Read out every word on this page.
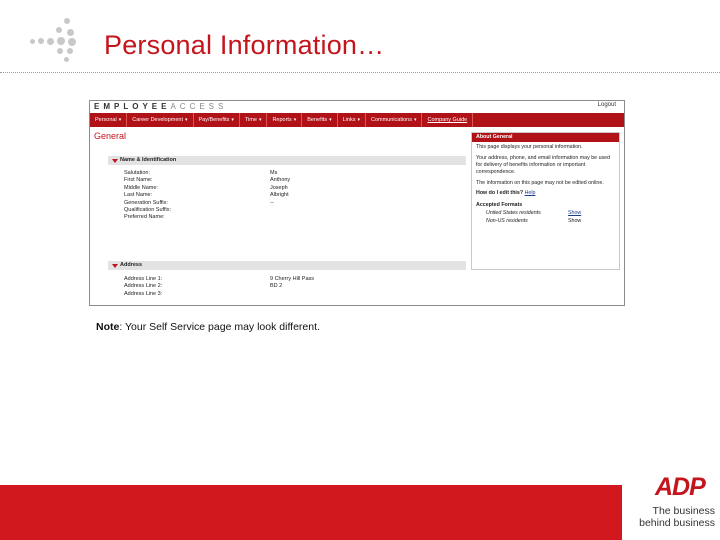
Personal Information…
EMPLOYEEACCESS	Logout
Personal ▾	Career Development ▾	Pay/Benefits ▾	Time ▾	Reports ▾	Benefits ▾	Links ▾	Communications ▾	Company Guide
General
Name & Identification
Salutation:	Ms
First Name:	Anthony
Middle Name:	Joseph
Last Name:	Albright
Generation Suffix:	--
Qualification Suffix:
Preferred Name:
Address
Address Line 1:	9 Cherry Hill Pass
Address Line 2:	BD 2
Address Line 3:
About General

This page displays your personal information.

Your address, phone, and email information may be used for delivery of benefits information or important correspondence.

The information on this page may not be edited online.

How do I edit this? Help

Accepted Formats

United States residents	Show
Non-US residents	Show
Note: Your Self Service page may look different.
ADP
The business
behind business
